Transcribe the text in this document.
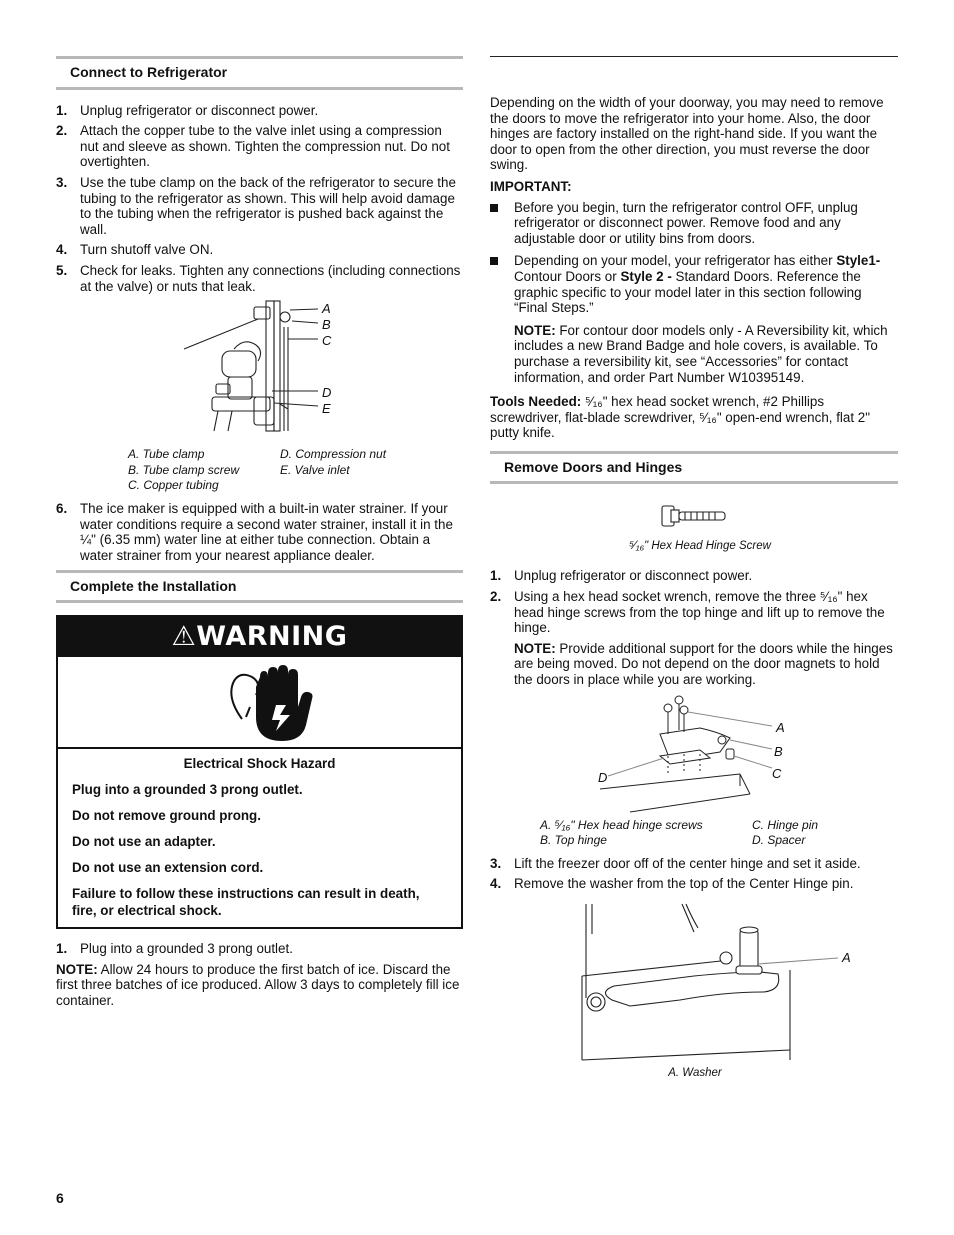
Connect to Refrigerator
1. Unplug refrigerator or disconnect power.
2. Attach the copper tube to the valve inlet using a compression nut and sleeve as shown. Tighten the compression nut. Do not overtighten.
3. Use the tube clamp on the back of the refrigerator to secure the tubing to the refrigerator as shown. This will help avoid damage to the tubing when the refrigerator is pushed back against the wall.
4. Turn shutoff valve ON.
5. Check for leaks. Tighten any connections (including connections at the valve) or nuts that leak.
A
B
C
D
E
A. Tube clamp
B. Tube clamp screw
C. Copper tubing
D. Compression nut
E. Valve inlet
6. The ice maker is equipped with a built-in water strainer. If your water conditions require a second water strainer, install it in the ¼" (6.35 mm) water line at either tube connection. Obtain a water strainer from your nearest appliance dealer.
Complete the Installation
⚠WARNING

Electrical Shock Hazard

Plug into a grounded 3 prong outlet.

Do not remove ground prong.

Do not use an adapter.

Do not use an extension cord.

Failure to follow these instructions can result in death, fire, or electrical shock.

1. Plug into a grounded 3 prong outlet.

NOTE: Allow 24 hours to produce the first batch of ice. Discard the first three batches of ice produced. Allow 3 days to completely fill ice container.

Depending on the width of your doorway, you may need to remove the doors to move the refrigerator into your home. Also, the door hinges are factory installed on the right-hand side. If you want the door to open from the other direction, you must reverse the door swing.

IMPORTANT:

Before you begin, turn the refrigerator control OFF, unplug refrigerator or disconnect power. Remove food and any adjustable door or utility bins from doors.
Depending on your model, your refrigerator has either Style1-Contour Doors or Style 2 - Standard Doors. Reference the graphic specific to your model later in this section following “Final Steps.”

NOTE: For contour door models only - A Reversibility kit, which includes a new Brand Badge and hole covers, is available. To purchase a reversibility kit, see “Accessories” for contact information, and order Part Number W10395149.

Tools Needed: ⁵⁄₁₆" hex head socket wrench, #2 Phillips screwdriver, flat-blade screwdriver, ⁵⁄₁₆" open-end wrench, flat 2" putty knife.

Remove Doors and Hinges
⁵⁄₁₆" Hex Head Hinge Screw
1. Unplug refrigerator or disconnect power.
2. Using a hex head socket wrench, remove the three ⁵⁄₁₆" hex head hinge screws from the top hinge and lift up to remove the hinge.

NOTE: Provide additional support for the doors while the hinges are being moved. Do not depend on the door magnets to hold the doors in place while you are working.

A
B
C
D
A. ⁵⁄₁₆" Hex head hinge screws
B. Top hinge
C. Hinge pin
D. Spacer
3. Lift the freezer door off of the center hinge and set it aside.
4. Remove the washer from the top of the Center Hinge pin.
A
A. Washer
6
